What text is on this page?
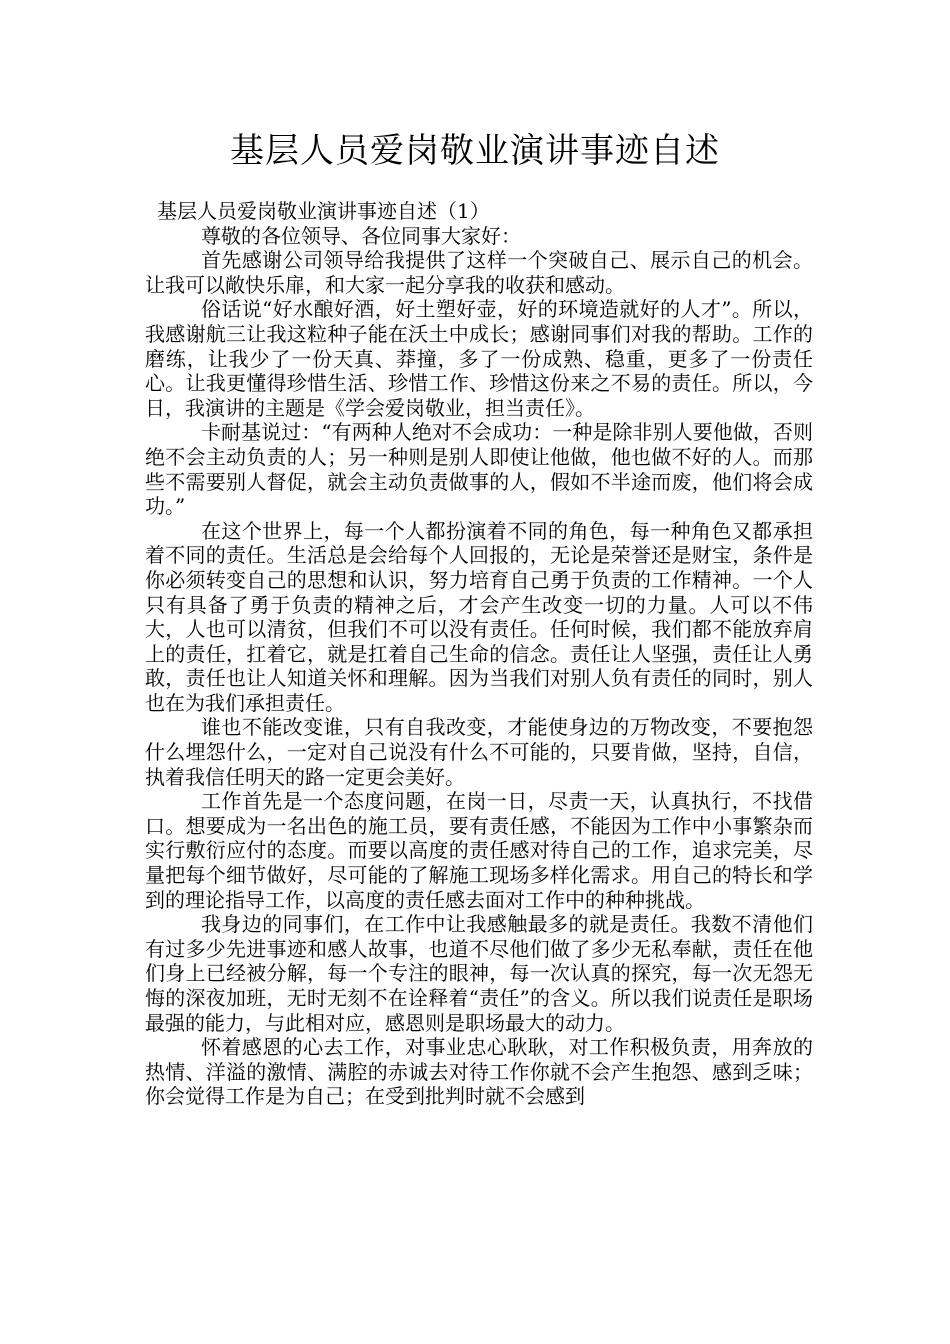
基层人员爱岗敬业演讲事迹自述

基层人员爱岗敬业演讲事迹自述（1）

尊敬的各位领导、各位同事大家好：

首先感谢公司领导给我提供了这样一个突破自己、展示自己的机会。让我可以敞快乐扉，和大家一起分享我的收获和感动。

俗话说“好水酿好酒，好土塑好壶，好的环境造就好的人才”。所以，我感谢航三让我这粒种子能在沃土中成长；感谢同事们对我的帮助。工作的磨练，让我少了一份天真、莽撞，多了一份成熟、稳重，更多了一份责任心。让我更懂得珍惜生活、珍惜工作、珍惜这份来之不易的责任。所以，今日，我演讲的主题是《学会爱岗敬业，担当责任》。

卡耐基说过：“有两种人绝对不会成功：一种是除非别人要他做，否则绝不会主动负责的人；另一种则是别人即使让他做，他也做不好的人。而那些不需要别人督促，就会主动负责做事的人，假如不半途而废，他们将会成功。”

在这个世界上，每一个人都扮演着不同的角色，每一种角色又都承担着不同的责任。生活总是会给每个人回报的，无论是荣誉还是财宝，条件是你必须转变自己的思想和认识，努力培育自己勇于负责的工作精神。一个人只有具备了勇于负责的精神之后，才会产生改变一切的力量。人可以不伟大，人也可以清贫，但我们不可以没有责任。任何时候，我们都不能放弃肩上的责任，扛着它，就是扛着自己生命的信念。责任让人坚强，责任让人勇敢，责任也让人知道关怀和理解。因为当我们对别人负有责任的同时，别人也在为我们承担责任。

谁也不能改变谁，只有自我改变，才能使身边的万物改变，不要抱怨什么埋怨什么，一定对自己说没有什么不可能的，只要肯做，坚持，自信，执着我信任明天的路一定更会美好。

工作首先是一个态度问题，在岗一日，尽责一天，认真执行，不找借口。想要成为一名出色的施工员，要有责任感，不能因为工作中小事繁杂而实行敷衍应付的态度。而要以高度的责任感对待自己的工作，追求完美，尽量把每个细节做好，尽可能的了解施工现场多样化需求。用自己的特长和学到的理论指导工作，以高度的责任感去面对工作中的种种挑战。

我身边的同事们，在工作中让我感触最多的就是责任。我数不清他们有过多少先进事迹和感人故事，也道不尽他们做了多少无私奉献，责任在他们身上已经被分解，每一个专注的眼神，每一次认真的探究，每一次无怨无悔的深夜加班，无时无刻不在诠释着“责任”的含义。所以我们说责任是职场最强的能力，与此相对应，感恩则是职场最大的动力。

怀着感恩的心去工作，对事业忠心耿耿，对工作积极负责，用奔放的热情、洋溢的激情、满腔的赤诚去对待工作你就不会产生抱怨、感到乏味；你会觉得工作是为自己；在受到批判时就不会感到
